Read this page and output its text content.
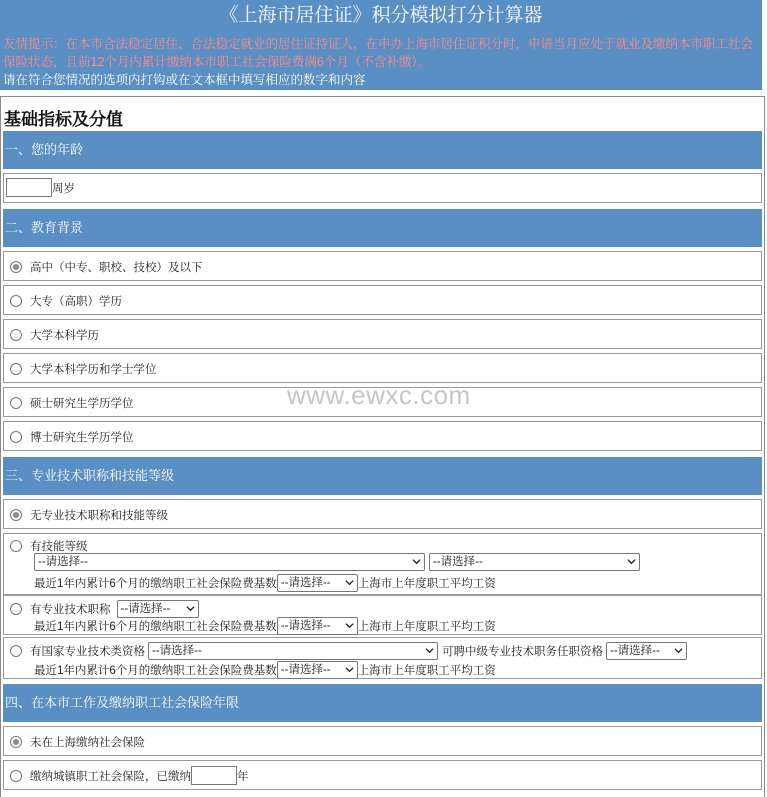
《上海市居住证》积分模拟打分计算器
友情提示：在本市合法稳定居住、合法稳定就业的居住证持证人，在申办上海市居住证积分时，申请当月应处于就业及缴纳本市职工社会保险状态，且前12个月内累计缴纳本市职工社会保险费满6个月（不含补缴）。
请在符合您情况的选项内打钩或在文本框中填写相应的数字和内容
基础指标及分值
一、您的年龄
周岁
二、教育背景
高中（中专、职校、技校）及以下
大专（高职）学历
大学本科学历
大学本科学历和学士学位
硕士研究生学历学位
博士研究生学历学位
三、专业技术职称和技能等级
无专业技术职称和技能等级
有技能等级
--请选择--	--请选择--
最近1年内累计6个月的缴纳职工社会保险费基数 --请选择--	上海市上年度职工平均工资
有专业技术职称 --请选择--
最近1年内累计6个月的缴纳职工社会保险费基数 --请选择--	上海市上年度职工平均工资
有国家专业技术类资格 --请选择--	可聘中级专业技术职务任职资格 --请选择--
最近1年内累计6个月的缴纳职工社会保险费基数 --请选择--	上海市上年度职工平均工资
四、在本市工作及缴纳职工社会保险年限
未在上海缴纳社会保险
缴纳城镇职工社会保险，已缴纳	年
www.ewxc.com
